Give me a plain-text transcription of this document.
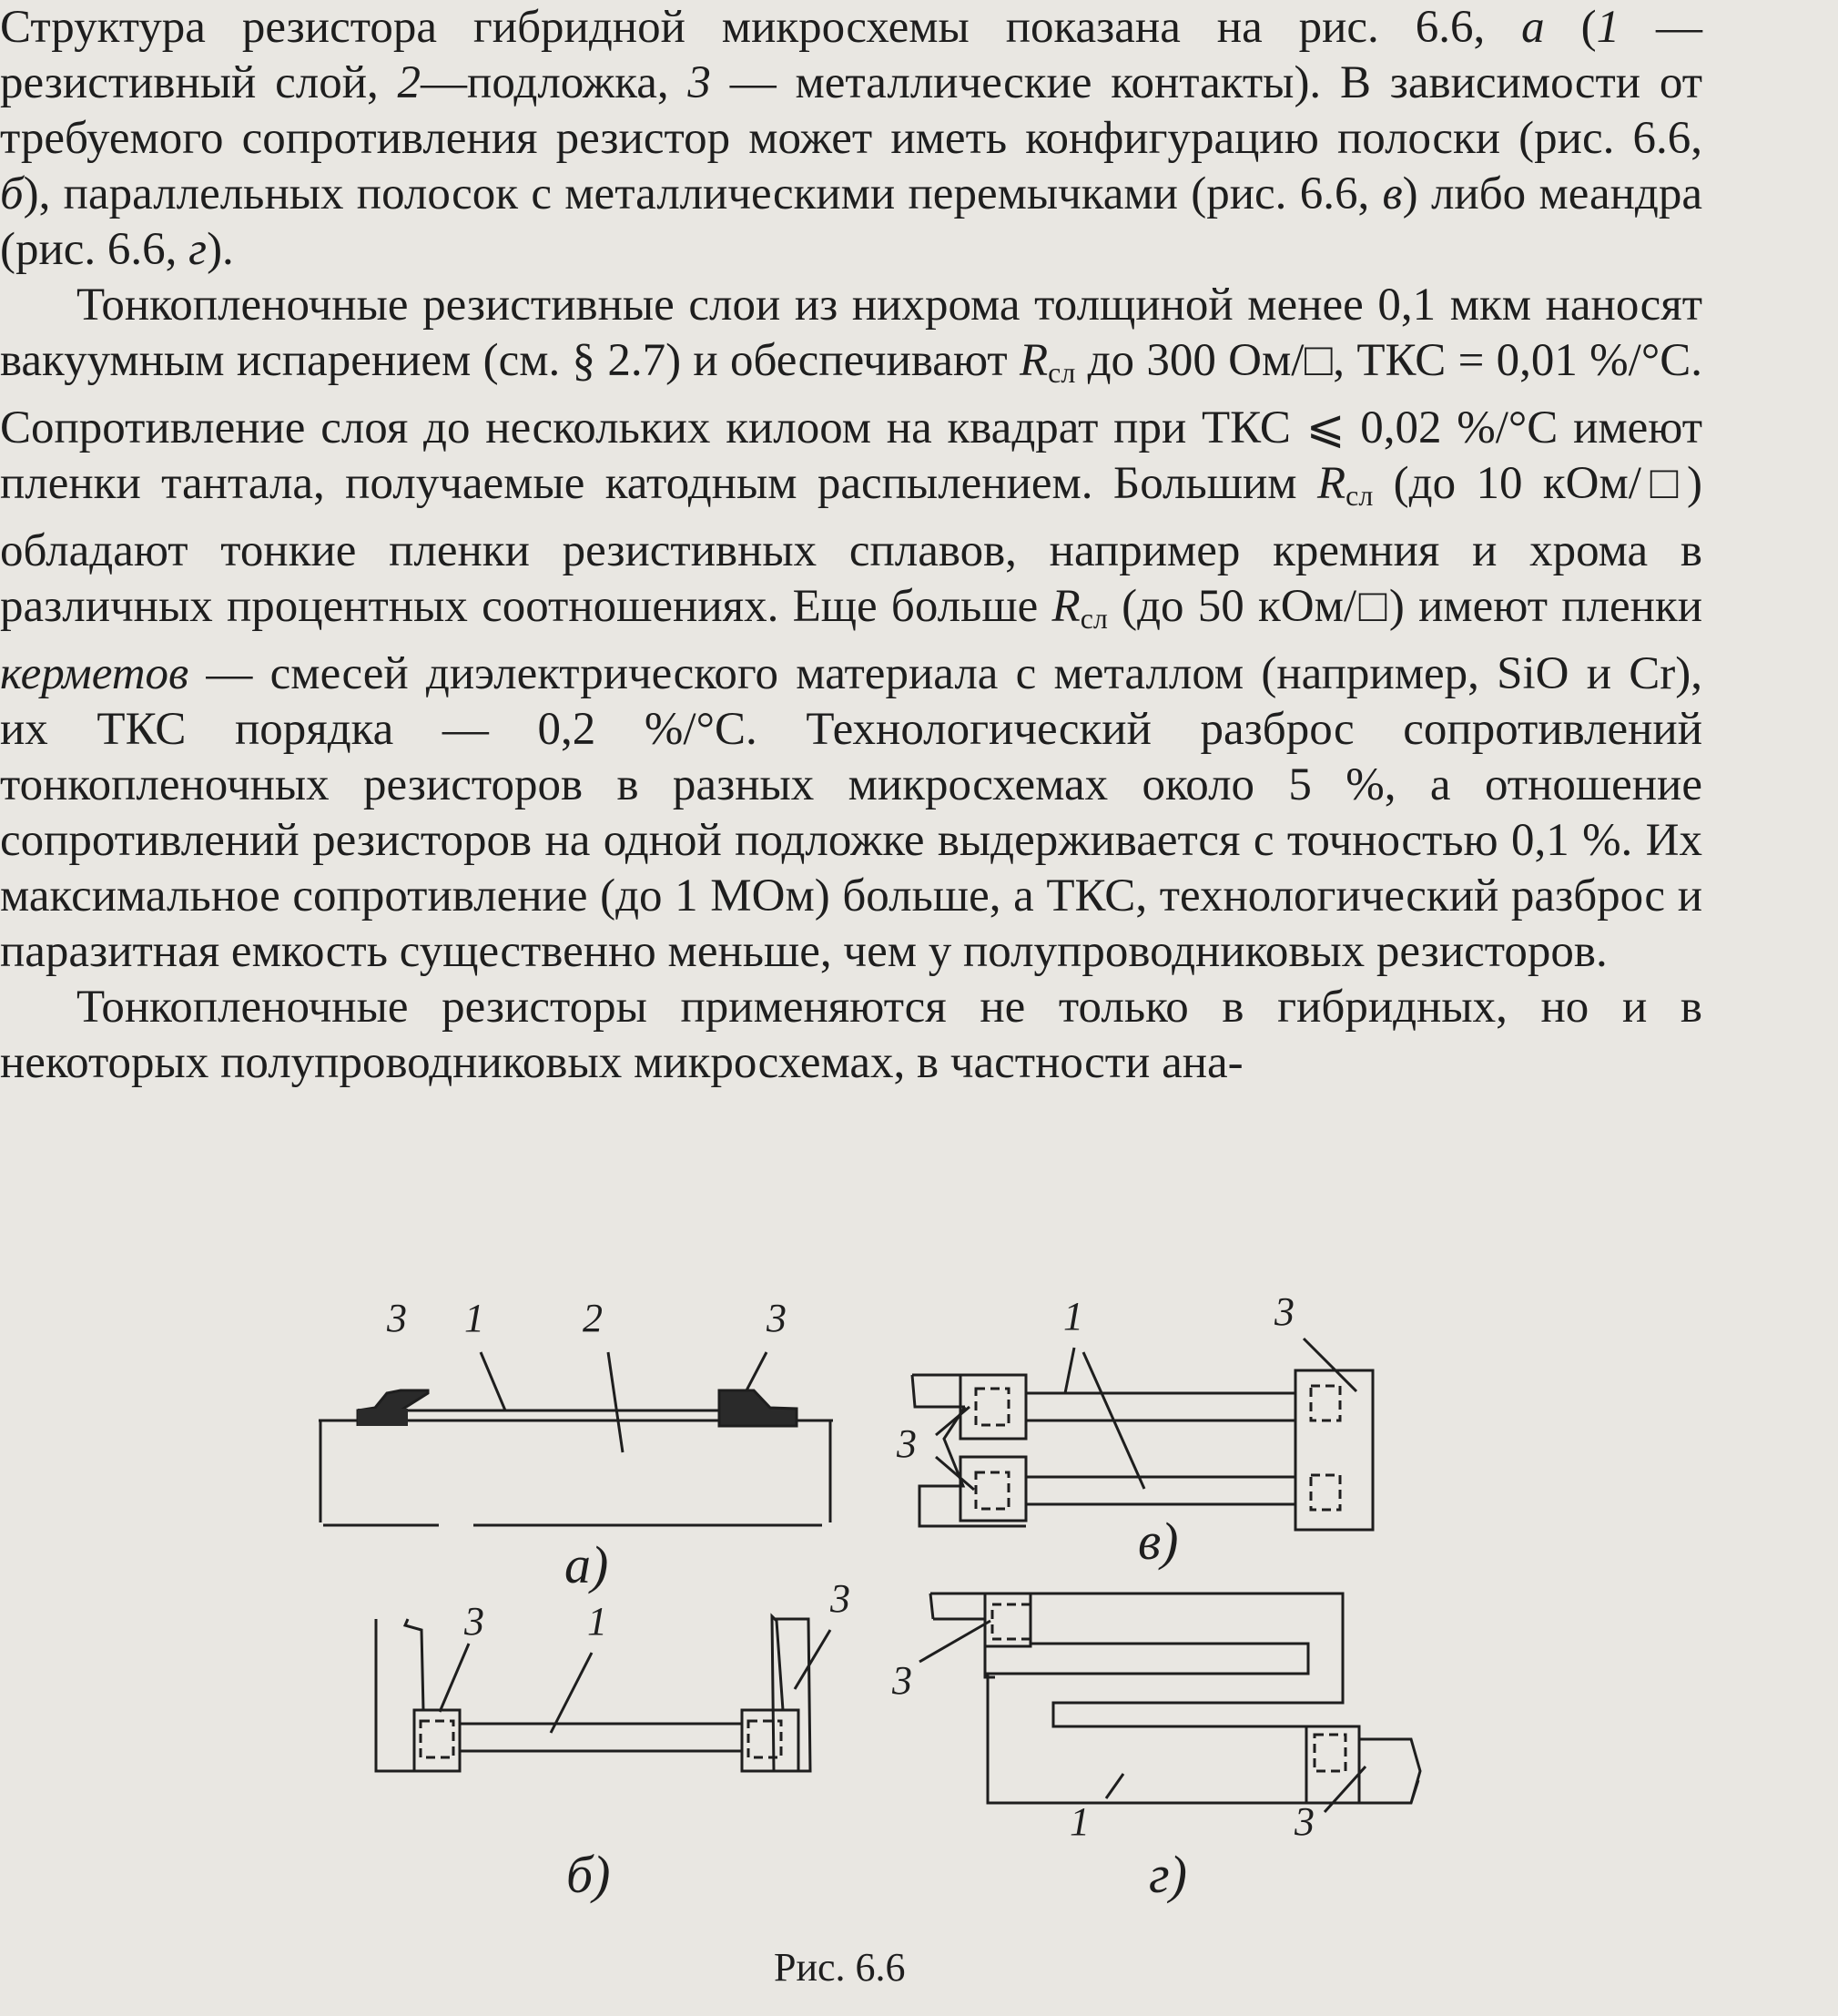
Структура резистора гибридной микросхемы показана на рис. 6.6, а (1 — резистивный слой, 2—подложка, 3 — металлические контакты). В зависимости от требуемого сопротивления резистор может иметь конфигурацию полоски (рис. 6.6, б), параллельных полосок с металлическими перемычками (рис. 6.6, в) либо меандра (рис. 6.6, г).

Тонкопленочные резистивные слои из нихрома толщиной менее 0,1 мкм наносят вакуумным испарением (см. § 2.7) и обеспечивают $R_{сл}$ до 300 Ом/□, ТКС = 0,01 %/°С. Сопротивление слоя до нескольких килоом на квадрат при ТКС ⩽ 0,02 %/°С имеют пленки тантала, получаемые катодным распылением. Большим $R_{сл}$ (до 10 кОм/□) обладают тонкие пленки резистивных сплавов, например кремния и хрома в различных процентных соотношениях. Еще больше $R_{сл}$ (до 50 кОм/□) имеют пленки керметов — смесей диэлектрического материала с металлом (например, SiO и Cr), их ТКС порядка — 0,2 %/°С. Технологический разброс сопротивлений тонкопленочных резисторов в разных микросхемах около 5 %, а отношение сопротивлений резисторов на одной подложке выдерживается с точностью 0,1 %. Их максимальное сопротивление (до 1 МОм) больше, а ТКС, технологический разброс и паразитная емкость существенно меньше, чем у полупроводниковых резисторов.

Тонкопленочные резисторы применяются не только в гибридных, но и в некоторых полупроводниковых микросхемах, в частности ана-

3 1 2	3	1	3
3
3	1
3
3
1	3
а)	в)
б)	г)
Рис. 6.6
